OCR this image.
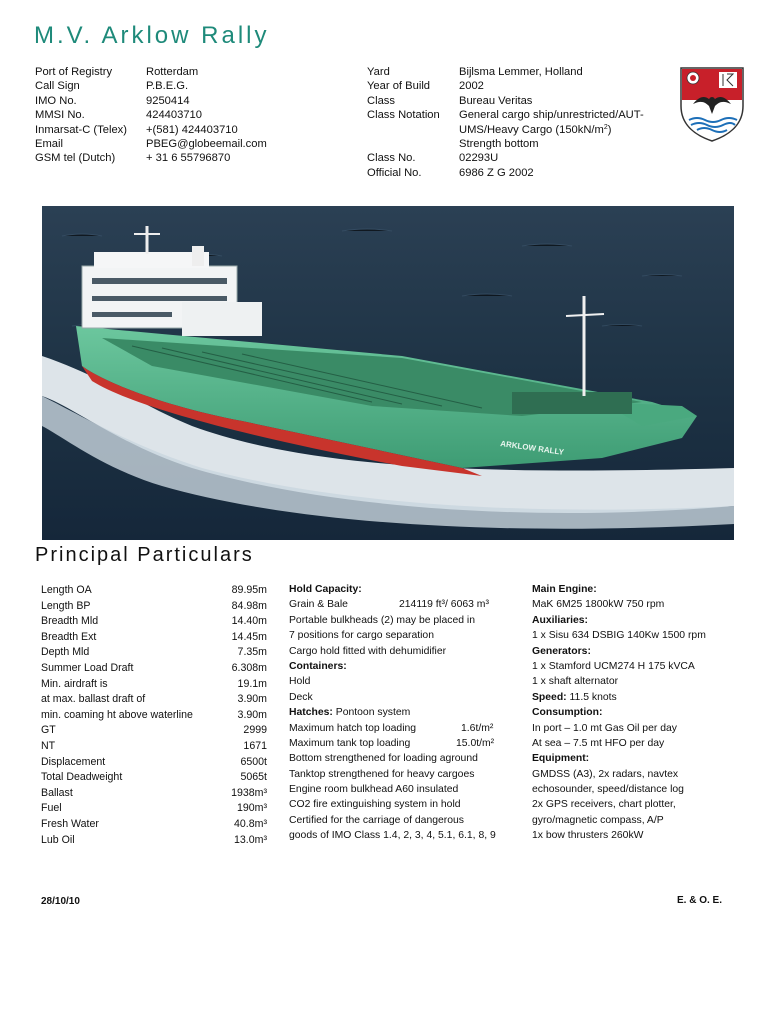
M.V. Arklow Rally
Port of Registry	Rotterdam
Call Sign	P.B.E.G.
IMO No.	9250414
MMSI No.	424403710
Inmarsat-C (Telex) +(581) 424403710
Email	PBEG@globeemail.com
GSM tel (Dutch)	+ 31 6 55796870
Yard	Bijlsma Lemmer, Holland
Year of Build	2002
Class	Bureau Veritas
Class Notation General cargo ship/unrestricted/AUT-
UMS/Heavy Cargo $(150kN/m^2)$
Strength bottom
Class No.	02293U
Official No.	6986 Z G 2002
ARKLOW RALLY
Principal Particulars
Length OA	89.95m
Length BP	84.98m
Breadth Mld	14.40m
Breadth Ext	14.45m
Depth Mld	7.35m
Summer Load Draft	6.308m
Min. airdraft is	19.1m
at max. ballast draft of	3.90m
min. coaming ht above waterline	3.90m
GT	2999
NT	1671
Displacement	6500t
Total Deadweight	5065t
Ballast	1938m³
Fuel	190m³
Fresh Water	40.8m³
Lub Oil	13.0m³
Hold Capacity:
Grain & Bale	214119 ft³/ 6063 m³
Portable bulkheads (2) may be placed in
7 positions for cargo separation
Cargo hold fitted with dehumidifier
Containers:
Hold
Deck
Hatches: Pontoon system
Maximum hatch top loading	1.6t/m²
Maximum tank top loading	15.0t/m²
Bottom strengthened for loading aground
Tanktop strengthened for heavy cargoes
Engine room bulkhead A60 insulated
CO2 fire extinguishing system in hold
Certified for the carriage of dangerous
goods of IMO Class 1.4, 2, 3, 4, 5.1, 6.1, 8, 9
Main Engine:
MaK 6M25 1800kW 750 rpm
Auxiliaries:
1 x Sisu 634 DSBIG 140Kw 1500 rpm
Generators:
1 x Stamford UCM274 H 175 kVCA
1 x shaft alternator
Speed: 11.5 knots
Consumption:
In port – 1.0 mt Gas Oil per day
At sea – 7.5 mt HFO per day
Equipment:
GMDSS (A3), 2x radars, navtex
echosounder, speed/distance log
2x GPS receivers, chart plotter,
gyro/magnetic compass, A/P
1x bow thrusters 260kW
28/10/10	E. & O. E.
